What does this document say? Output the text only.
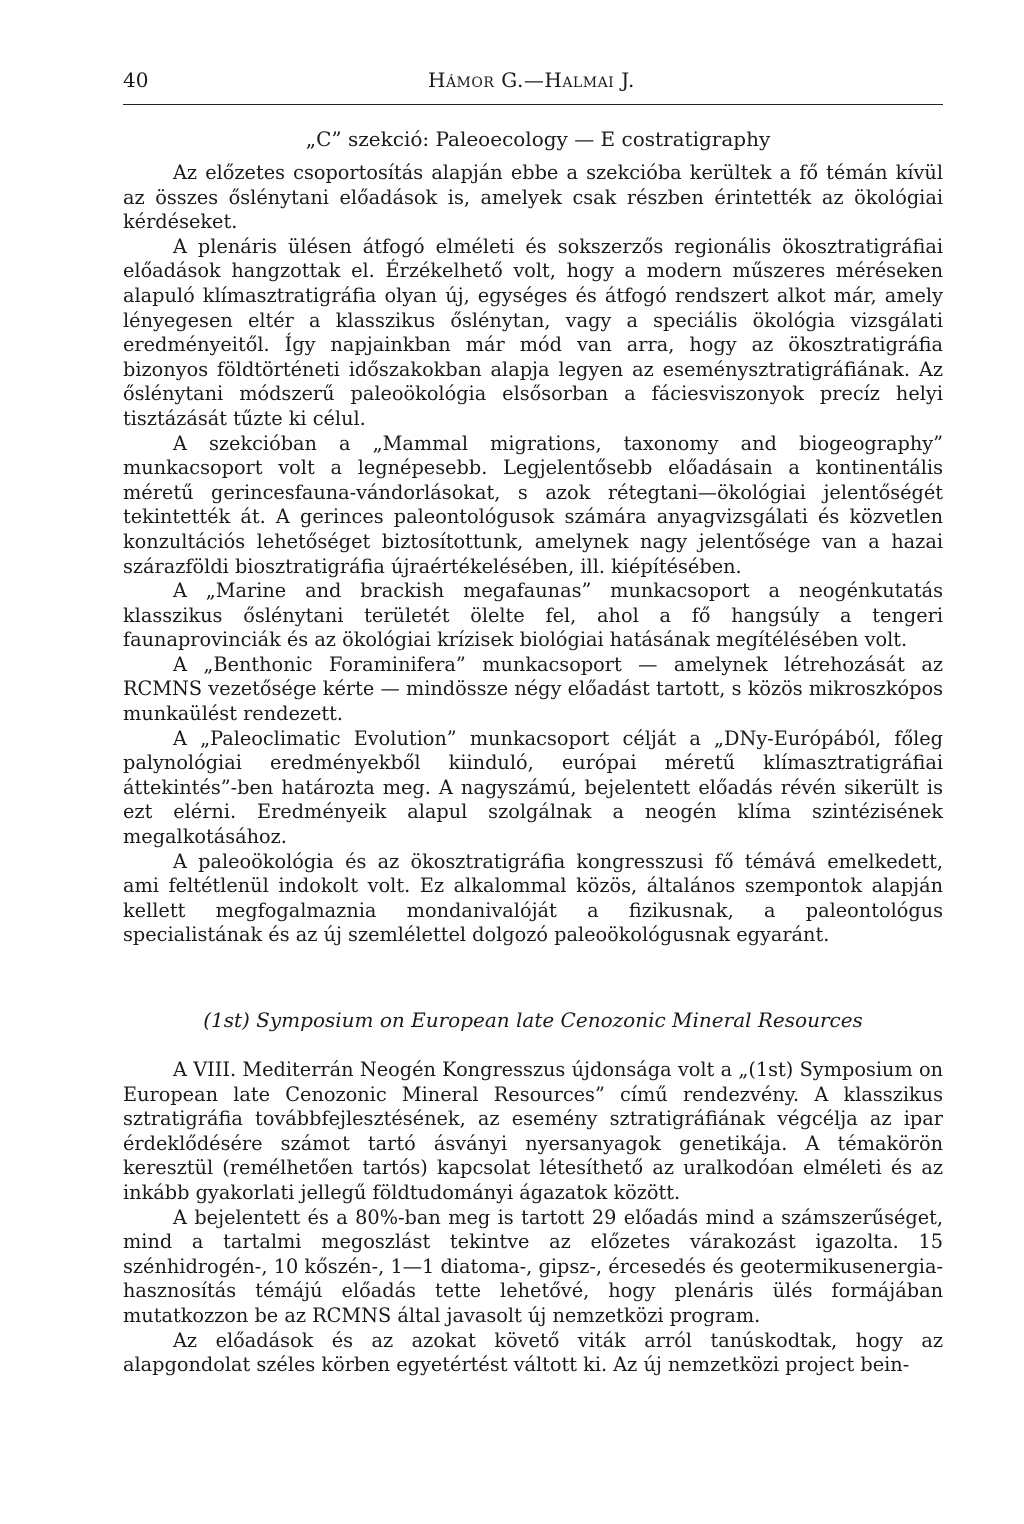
40	Hámor G.—Halmai J.
„C” szekció: Paleoecology — E costratigraphy

Az előzetes csoportosítás alapján ebbe a szekcióba kerültek a fő témán kívül az összes őslénytani előadások is, amelyek csak részben érintették az ökológiai kérdéseket.

A plenáris ülésen átfogó elméleti és sokszerzős regionális ökosztratigráfiai előadások hangzottak el. Érzékelhető volt, hogy a modern műszeres méréseken alapuló klímasztratigráfia olyan új, egységes és átfogó rendszert alkot már, amely lényegesen eltér a klasszikus őslénytan, vagy a speciális ökológia vizsgálati eredményeitől. Így napjainkban már mód van arra, hogy az ökosztratigráfia bizonyos földtörténeti időszakokban alapja legyen az eseménysztratigráfiának. Az őslénytani módszerű paleoökológia elsősorban a fáciesviszonyok precíz helyi tisztázását tűzte ki célul.

A szekcióban a „Mammal migrations, taxonomy and biogeography” munkacsoport volt a legnépesebb. Legjelentősebb előadásain a kontinentális méretű gerincesfauna-vándorlásokat, s azok rétegtani—ökológiai jelentőségét tekintették át. A gerinces paleontológusok számára anyagvizsgálati és közvetlen konzultációs lehetőséget biztosítottunk, amelynek nagy jelentősége van a hazai szárazföldi biosztratigráfia újraértékelésében, ill. kiépítésében.

A „Marine and brackish megafaunas” munkacsoport a neogénkutatás klasszikus őslénytani területét ölelte fel, ahol a fő hangsúly a tengeri faunaprovinciák és az ökológiai krízisek biológiai hatásának megítélésében volt.

A „Benthonic Foraminifera” munkacsoport — amelynek létrehozását az RCMNS vezetősége kérte — mindössze négy előadást tartott, s közös mikroszkópos munkaülést rendezett.

A „Paleoclimatic Evolution” munkacsoport célját a „DNy-Európából, főleg palynológiai eredményekből kiinduló, európai méretű klímasztratigráfiai áttekintés”-ben határozta meg. A nagyszámú, bejelentett előadás révén sikerült is ezt elérni. Eredményeik alapul szolgálnak a neogén klíma szintézisének megalkotásához.

A paleoökológia és az ökosztratigráfia kongresszusi fő témává emelkedett, ami feltétlenül indokolt volt. Ez alkalommal közös, általános szempontok alapján kellett megfogalmaznia mondanivalóját a fizikusnak, a paleontológus specialistának és az új szemlélettel dolgozó paleoökológusnak egyaránt.

(1st) Symposium on European late Cenozonic Mineral Resources

A VIII. Mediterrán Neogén Kongresszus újdonsága volt a „(1st) Symposium on European late Cenozonic Mineral Resources” című rendezvény. A klasszikus sztratigráfia továbbfejlesztésének, az esemény sztratigráfiának végcélja az ipar érdeklődésére számot tartó ásványi nyersanyagok genetikája. A témakörön keresztül (remélhetően tartós) kapcsolat létesíthető az uralkodóan elméleti és az inkább gyakorlati jellegű földtudományi ágazatok között.

A bejelentett és a 80%-ban meg is tartott 29 előadás mind a számszerűséget, mind a tartalmi megoszlást tekintve az előzetes várakozást igazolta. 15 szénhidrogén-, 10 kőszén-, 1—1 diatoma-, gipsz-, ércesedés és geotermikusenergia-hasznosítás témájú előadás tette lehetővé, hogy plenáris ülés formájában mutatkozzon be az RCMNS által javasolt új nemzetközi program.

Az előadások és az azokat követő viták arról tanúskodtak, hogy az alapgondolat széles körben egyetértést váltott ki. Az új nemzetközi project bein-
